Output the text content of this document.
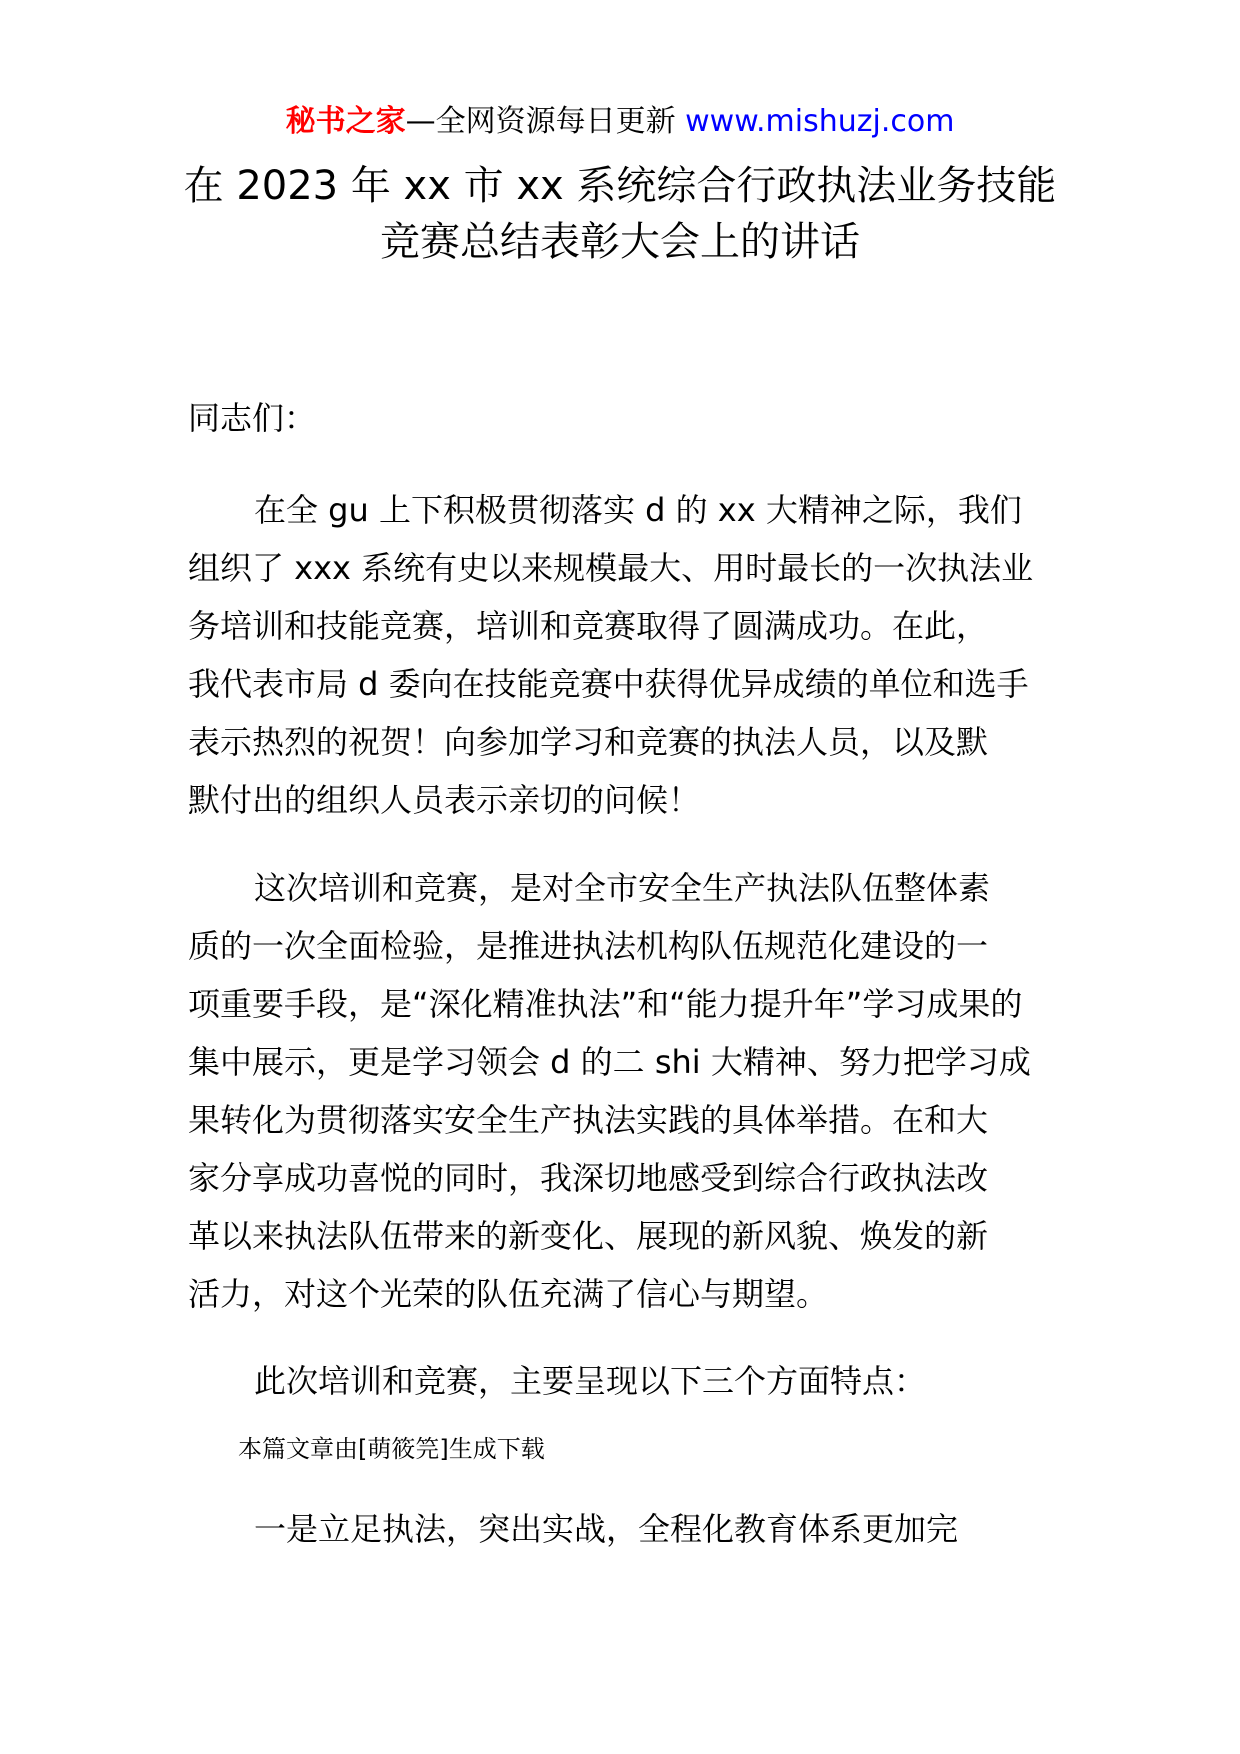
秘书之家—全网资源每日更新 www.mishuzj.com
在 2023 年 xx 市 xx 系统综合行政执法业务技能
竞赛总结表彰大会上的讲话
同志们：
在全 gu 上下积极贯彻落实 d 的 xx 大精神之际，我们
组织了 xxx 系统有史以来规模最大、用时最长的一次执法业
务培训和技能竞赛，培训和竞赛取得了圆满成功。在此，
我代表市局 d 委向在技能竞赛中获得优异成绩的单位和选手
表示热烈的祝贺！向参加学习和竞赛的执法人员，以及默
默付出的组织人员表示亲切的问候！
这次培训和竞赛，是对全市安全生产执法队伍整体素
质的一次全面检验，是推进执法机构队伍规范化建设的一
项重要手段，是“深化精准执法”和“能力提升年”学习成果的
集中展示，更是学习领会 d 的二 shi 大精神、努力把学习成
果转化为贯彻落实安全生产执法实践的具体举措。在和大
家分享成功喜悦的同时，我深切地感受到综合行政执法改
革以来执法队伍带来的新变化、展现的新风貌、焕发的新
活力，对这个光荣的队伍充满了信心与期望。
此次培训和竞赛，主要呈现以下三个方面特点：
本篇文章由[萌筱笎]生成下载
一是立足执法，突出实战，全程化教育体系更加完
